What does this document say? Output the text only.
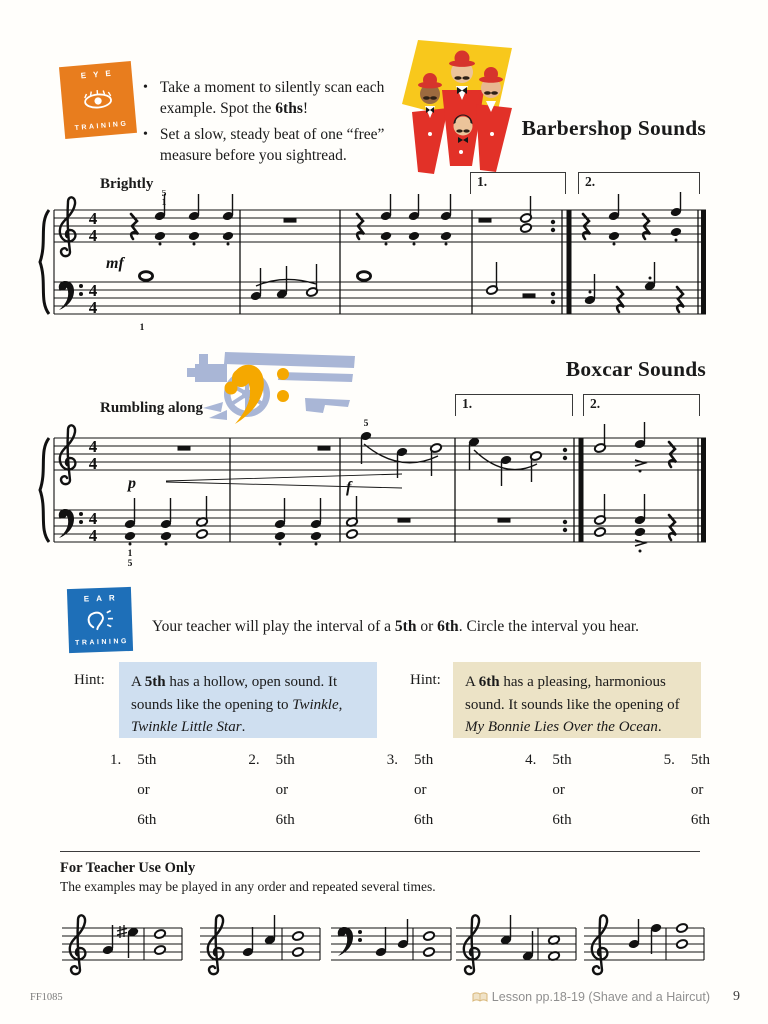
EYE
TRAINING
• Take a moment to silently scan each example. Spot the 6ths!
• Set a slow, steady beat of one “free” measure before you sightread.
Barbershop Sounds
Brightly	1.	2.
4
4
4
4
5
1
mf
1
Boxcar Sounds
Rumbling along	1.	2.
4
4
4
4
p	f
1
5
5
EAR
TRAINING
Your teacher will play the interval of a 5th or 6th. Circle the interval you hear.
Hint:	A 5th has a hollow, open sound. It sounds like the opening to Twinkle, Twinkle Little Star.
Hint:	A 6th has a pleasing, harmonious sound. It sounds like the opening of My Bonnie Lies Over the Ocean.
1. 5th
or
6th
2. 5th
or
6th
3. 5th
or
6th
4. 5th
or
6th
5. 5th
or
6th
For Teacher Use Only
The examples may be played in any order and repeated several times.
FF1085	Lesson pp.18-19 (Shave and a Haircut) 9
